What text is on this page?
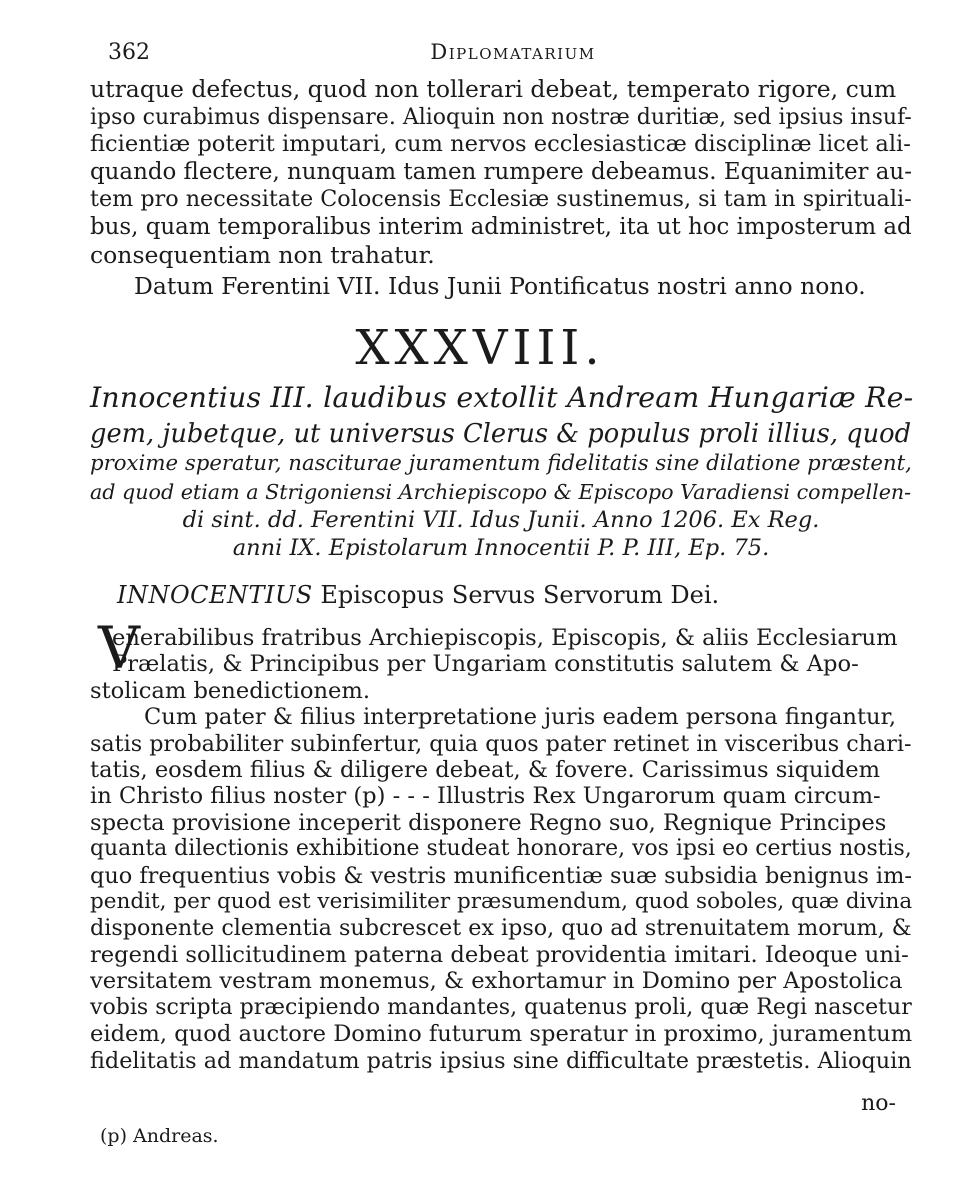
362	Diplomatarium

utraque defectus, quod non tollerari debeat, temperato rigore, cum
ipso curabimus dispensare. Alioquin non nostræ duritiæ, sed ipsius insuf-
ficientiæ poterit imputari, cum nervos ecclesiasticæ disciplinæ licet ali-
quando flectere, nunquam tamen rumpere debeamus. Equanimiter au-
tem pro necessitate Colocensis Ecclesiæ sustinemus, si tam in spirituali-
bus, quam temporalibus interim administret, ita ut hoc imposterum ad
consequentiam non trahatur.

Datum Ferentini VII. Idus Junii Pontificatus nostri anno nono.
XXXVIII.
Innocentius III. laudibus extollit Andream Hungariæ Re-
gem, jubetque, ut universus Clerus & populus proli illius, quod
proxime speratur, nasciturae juramentum fidelitatis sine dilatione præstent,
ad quod etiam a Strigoniensi Archiepiscopo & Episcopo Varadiensi compellen-
di sint. dd. Ferentini VII. Idus Junii. Anno 1206. Ex Reg.
anni IX. Epistolarum Innocentii P. P. III, Ep. 75.
INNOCENTIUS Episcopus Servus Servorum Dei.
V
enerabilibus fratribus Archiepiscopis, Episcopis, & aliis Ecclesiarum
Prælatis, & Principibus per Ungariam constitutis salutem & Apo-
stolicam benedictionem.
Cum pater & filius interpretatione juris eadem persona fingantur,
satis probabiliter subinfertur, quia quos pater retinet in visceribus chari-
tatis, eosdem filius & diligere debeat, & fovere. Carissimus siquidem
in Christo filius noster (p) - - - Illustris Rex Ungarorum quam circum-
specta provisione inceperit disponere Regno suo, Regnique Principes
quanta dilectionis exhibitione studeat honorare, vos ipsi eo certius nostis,
quo frequentius vobis & vestris munificentiæ suæ subsidia benignus im-
pendit, per quod est verisimiliter præsumendum, quod soboles, quæ divina
disponente clementia subcrescet ex ipso, quo ad strenuitatem morum, &
regendi sollicitudinem paterna debeat providentia imitari. Ideoque uni-
versitatem vestram monemus, & exhortamur in Domino per Apostolica
vobis scripta præcipiendo mandantes, quatenus proli, quæ Regi nascetur
eidem, quod auctore Domino futurum speratur in proximo, juramentum
fidelitatis ad mandatum patris ipsius sine difficultate præstetis. Alioquin
no-
(p) Andreas.
